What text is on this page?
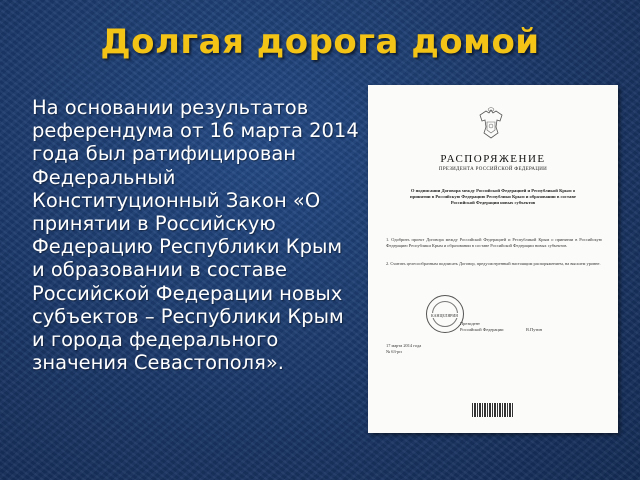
Долгая дорога домой

На основании результатов референдума от 16 марта 2014 года был ратифицирован Федеральный Конституционный Закон «О принятии в Российскую Федерацию Республики Крым и образовании в составе Российской Федерации новых субъектов – Республики Крым и города федерального значения Севастополя».

РАСПОРЯЖЕНИЕ
ПРЕЗИДЕНТА РОССИЙСКОЙ ФЕДЕРАЦИИ
О подписании Договора между Российской Федерацией и Республикой Крым о принятии в Российскую Федерацию Республики Крым и образовании в составе Российской Федерации новых субъектов
1. Одобрить проект Договора между Российской Федерацией и Республикой Крым о принятии в Российскую Федерацию Республики Крым и образовании в составе Российской Федерации новых субъектов.
2. Считать целесообразным подписать Договор, предусмотренный настоящим распоряжением, на высшем уровне.
КАНЦЕЛЯРИЯ
Президент
Российской Федерации	В.Путин
17 марта 2014 года
№ 63-рп
